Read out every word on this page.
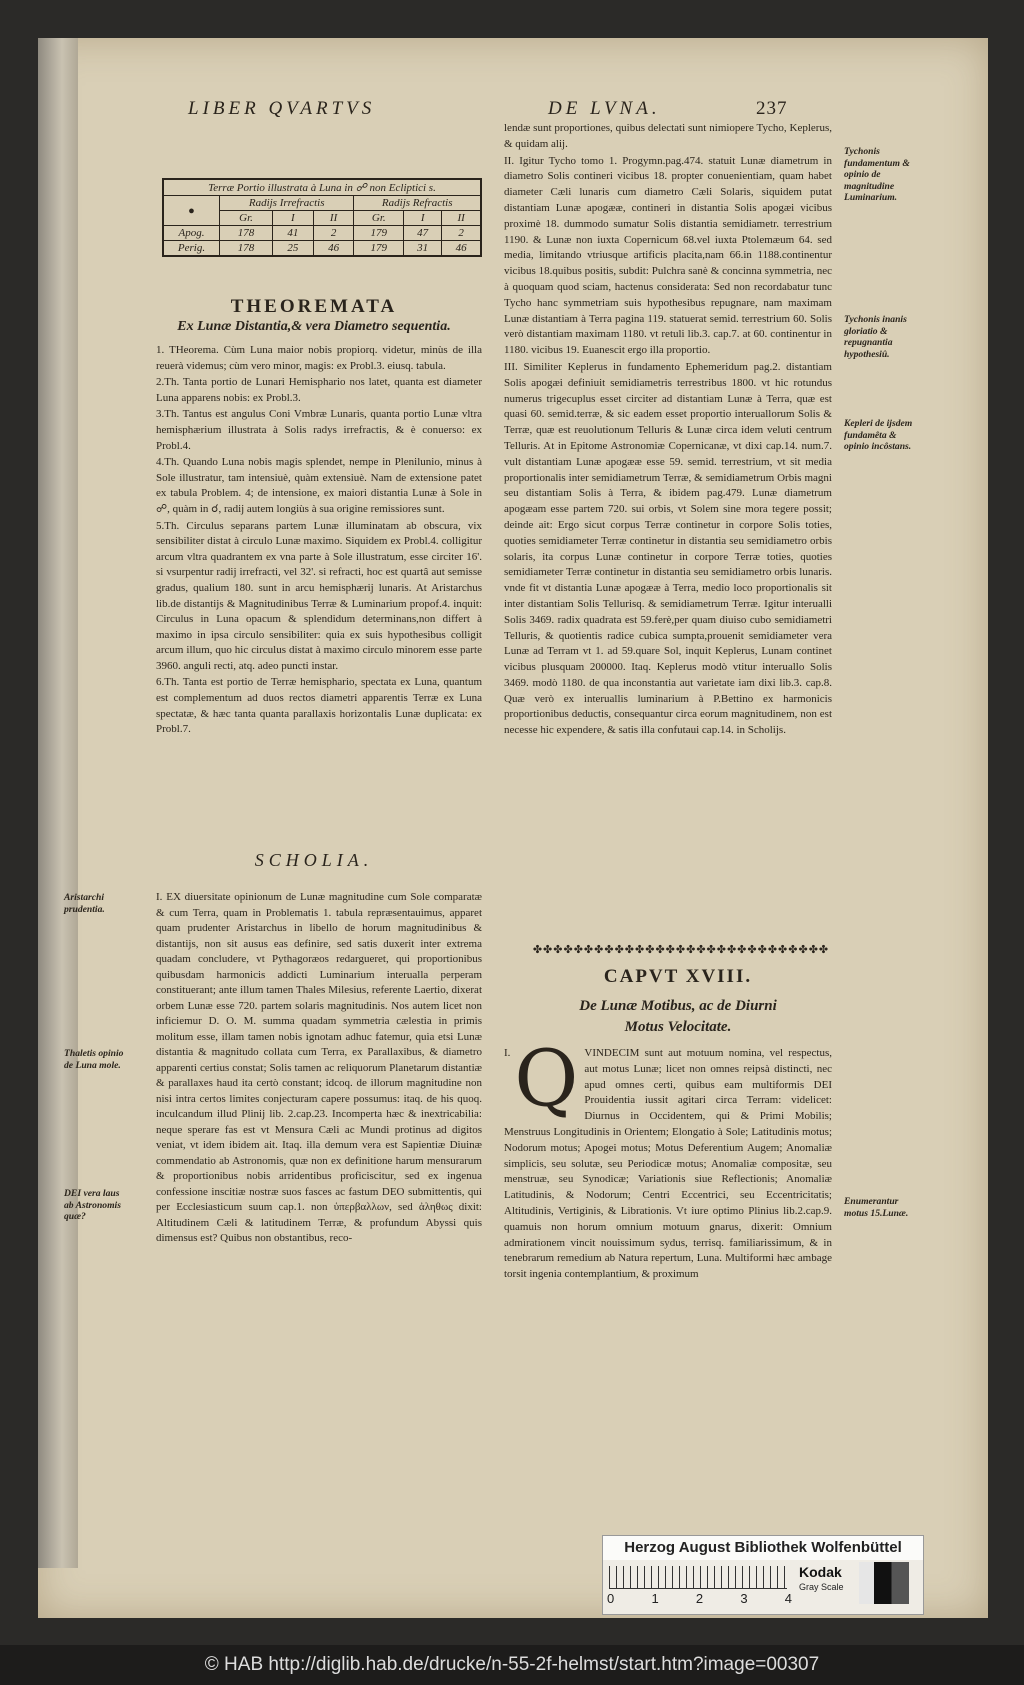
LIBER QVARTVS	DE LVNA.	237
Terræ Portio illustrata à Luna in ☍ non Ecliptici s.						
●	Radijs Irrefractis			Radijs Refractis		
	Gr.	I	II	Gr.	I	II
Apog.	178	41	2	179	47	2
Perig.	178	25	46	179	31	46
THEOREMATA
Ex Lunæ Distantia,& vera Diametro sequentia.

1. THeorema. Cùm Luna maior nobis propiorq. videtur, minùs de illa reuerà videmus; cùm vero minor, magis: ex Probl.3. eiusq. tabula.

2.Th. Tanta portio de Lunari Hemisphario nos latet, quanta est diameter Luna apparens nobis: ex Probl.3.

3.Th. Tantus est angulus Coni Vmbræ Lunaris, quanta portio Lunæ vltra hemisphærium illustrata à Solis radys irrefractis, & è conuerso: ex Probl.4.

4.Th. Quando Luna nobis magis splendet, nempe in Plenilunio, minus à Sole illustratur, tam intensiuè, quàm extensiuè. Nam de extensione patet ex tabula Problem. 4; de intensione, ex maiori distantia Lunæ à Sole in ☍, quàm in ☌, radij autem longiùs à sua origine remissiores sunt.

5.Th. Circulus separans partem Lunæ illuminatam ab obscura, vix sensibiliter distat à circulo Lunæ maximo. Siquidem ex Probl.4. colligitur arcum vltra quadrantem ex vna parte à Sole illustratum, esse circiter 16'. si vsurpentur radij irrefracti, vel 32'. si refracti, hoc est quartâ aut semisse gradus, qualium 180. sunt in arcu hemisphærij lunaris. At Aristarchus lib.de distantijs & Magnitudinibus Terræ & Luminarium propof.4. inquit: Circulus in Luna opacum & splendidum determinans,non differt à maximo in ipsa circulo sensibiliter: quia ex suis hypothesibus colligit arcum illum, quo hic circulus distat à maximo circulo minorem esse parte 3960. anguli recti, atq. adeo puncti instar.

6.Th. Tanta est portio de Terræ hemisphario, spectata ex Luna, quantum est complementum ad duos rectos diametri apparentis Terræ ex Luna spectatæ, & hæc tanta quanta parallaxis horizontalis Lunæ duplicata: ex Probl.7.

SCHOLIA.

I. EX diuersitate opinionum de Lunæ magnitudine cum Sole comparatæ & cum Terra, quam in Problematis 1. tabula repræsentauimus, apparet quam prudenter Aristarchus in libello de horum magnitudinibus & distantijs, non sit ausus eas definire, sed satis duxerit inter extrema quadam concludere, vt Pythagoræos redargueret, qui proportionibus quibusdam harmonicis addicti Luminarium interualla perperam constituerant; ante illum tamen Thales Milesius, referente Laertio, dixerat orbem Lunæ esse 720. partem solaris magnitudinis. Nos autem licet non inficiemur D. O. M. summa quadam symmetria cælestia in primis molitum esse, illam tamen nobis ignotam adhuc fatemur, quia etsi Lunæ distantia & magnitudo collata cum Terra, ex Parallaxibus, & diametro apparenti certius constat; Solis tamen ac reliquorum Planetarum distantiæ & parallaxes haud ita certò constant; idcoq. de illorum magnitudine non nisi intra certos limites conjecturam capere possumus: itaq. de his quoq. inculcandum illud Plinij lib. 2.cap.23. Incomperta hæc & inextricabilia: neque sperare fas est vt Mensura Cæli ac Mundi protinus ad digitos veniat, vt idem ibidem ait. Itaq. illa demum vera est Sapientiæ Diuinæ commendatio ab Astronomis, quæ non ex definitione harum mensurarum & proportionibus nobis arridentibus proficiscitur, sed ex ingenua confessione inscitiæ nostræ suos fasces ac fastum DEO submittentis, qui per Ecclesiasticum suum cap.1. non ὑπερβαλλων, sed ἀληθως dixit: Altitudinem Cæli & latitudinem Terræ, & profundum Abyssi quis dimensus est? Quibus non obstantibus, reco-

Aristarchi prudentia.
Thaletis opinio de Luna mole.
DEI vera laus ab Astronomis quæ?

lendæ sunt proportiones, quibus delectati sunt nimiopere Tycho, Keplerus, & quidam alij.

II. Igitur Tycho tomo 1. Progymn.pag.474. statuit Lunæ diametrum in diametro Solis contineri vicibus 18. propter conuenientiam, quam habet diameter Cæli lunaris cum diametro Cæli Solaris, siquidem putat distantiam Lunæ apogææ, contineri in distantia Solis apogæi vicibus proximè 18. dummodo sumatur Solis distantia semidiametr. terrestrium 1190. & Lunæ non iuxta Copernicum 68.vel iuxta Ptolemæum 64. sed media, limitando vtriusque artificis placita,nam 66.in 1188.continentur vicibus 18.quibus positis, subdit: Pulchra sanè & concinna symmetria, nec à quoquam quod sciam, hactenus considerata: Sed non recordabatur tunc Tycho hanc symmetriam suis hypothesibus repugnare, nam maximam Lunæ distantiam à Terra pagina 119. statuerat semid. terrestrium 60. Solis verò distantiam maximam 1180. vt retuli lib.3. cap.7. at 60. continentur in 1180. vicibus 19. Euanescit ergo illa proportio.

III. Similiter Keplerus in fundamento Ephemeridum pag.2. distantiam Solis apogæi definiuit semidiametris terrestribus 1800. vt hic rotundus numerus trigecuplus esset circiter ad distantiam Lunæ à Terra, quæ est quasi 60. semid.terræ, & sic eadem esset proportio interuallorum Solis & Terræ, quæ est reuolutionum Telluris & Lunæ circa idem veluti centrum Telluris. At in Epitome Astronomiæ Copernicanæ, vt dixi cap.14. num.7. vult distantiam Lunæ apogææ esse 59. semid. terrestrium, vt sit media proportionalis inter semidiametrum Terræ, & semidiametrum Orbis magni seu distantiam Solis à Terra, & ibidem pag.479. Lunæ diametrum apogæam esse partem 720. sui orbis, vt Solem sine mora tegere possit; deinde ait: Ergo sicut corpus Terræ continetur in corpore Solis toties, quoties semidiameter Terræ continetur in distantia seu semidiametro orbis solaris, ita corpus Lunæ continetur in corpore Terræ toties, quoties semidiameter Terræ continetur in distantia seu semidiametro orbis lunaris. vnde fit vt distantia Lunæ apogææ à Terra, medio loco proportionalis sit inter distantiam Solis Tellurisq. & semidiametrum Terræ. Igitur interualli Solis 3469. radix quadrata est 59.ferè,per quam diuiso cubo semidiametri Telluris, & quotientis radice cubica sumpta,prouenit semidiameter vera Lunæ ad Terram vt 1. ad 59.quare Sol, inquit Keplerus, Lunam continet vicibus plusquam 200000. Itaq. Keplerus modò vtitur interuallo Solis 3469. modò 1180. de qua inconstantia aut varietate iam dixi lib.3. cap.8. Quæ verò ex interuallis luminarium à P.Bettino ex harmonicis proportionibus deductis, consequantur circa eorum magnitudinem, non est necesse hic expendere, & satis illa confutaui cap.14. in Scholijs.

Tychonis fundamentum & opinio de magnitudine Luminarium.
Tychonis inanis gloriatio & repugnantia hypothesiû.
Kepleri de ijsdem fundamêta & opinio incôstans.
✤✤✤✤✤✤✤✤✤✤✤✤✤✤✤✤✤✤✤✤✤✤✤✤✤✤✤✤✤
CAPVT XVIII.
De Lunæ Motibus, ac de Diurni
Motus Velocitate.
I. Q VINDECIM sunt aut motuum nomina, vel respectus, aut motus Lunæ; licet non omnes reipsà distincti, nec apud omnes certi, quibus eam multiformis DEI Prouidentia iussit agitari circa Terram: videlicet: Diurnus in Occidentem, qui & Primi Mobilis; Menstruus Longitudinis in Orientem; Elongatio à Sole; Latitudinis motus; Nodorum motus; Apogei motus; Motus Deferentium Augem; Anomaliæ simplicis, seu solutæ, seu Periodicæ motus; Anomaliæ compositæ, seu menstruæ, seu Synodicæ; Variationis siue Reflectionis; Anomaliæ Latitudinis, & Nodorum; Centri Eccentrici, seu Eccentricitatis; Altitudinis, Vertiginis, & Librationis. Vt iure optimo Plinius lib.2.cap.9. quamuis non horum omnium motuum gnarus, dixerit: Omnium admirationem vincit nouissimum sydus, terrisq. familiarissimum, & in tenebrarum remedium ab Natura repertum, Luna. Multiformi hæc ambage torsit ingenia contemplantium, & proximum
Enumerantur motus 15.Lunæ.
Herzog August Bibliothek Wolfenbüttel
0	1	2	3	4
Kodak
Gray Scale
© HAB http://diglib.hab.de/drucke/n-55-2f-helmst/start.htm?image=00307
